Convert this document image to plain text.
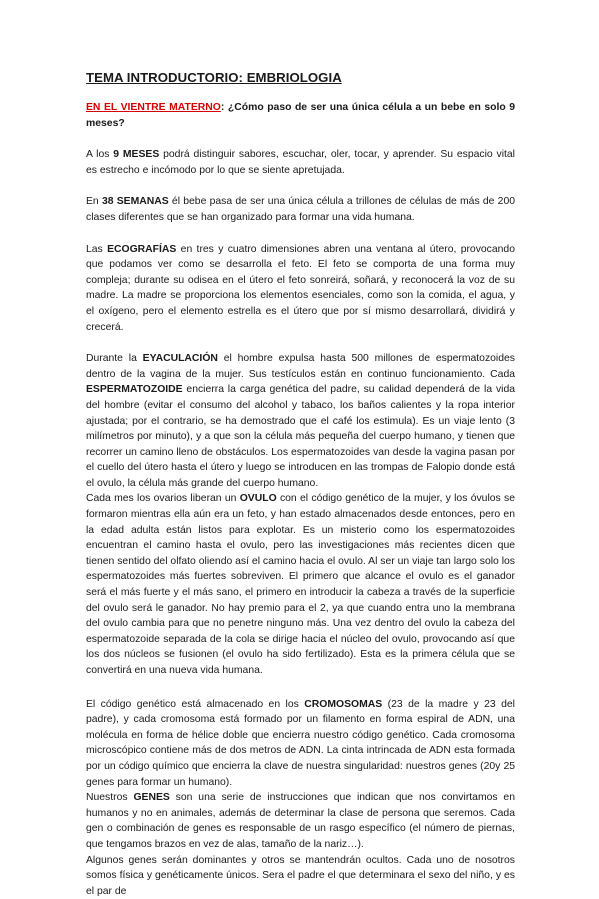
TEMA INTRODUCTORIO: EMBRIOLOGIA

EN EL VIENTRE MATERNO: ¿Cómo paso de ser una única célula a un bebe en solo 9 meses?

A los 9 MESES podrá distinguir sabores, escuchar, oler, tocar, y aprender. Su espacio vital es estrecho e incómodo por lo que se siente apretujada.

En 38 SEMANAS él bebe pasa de ser una única célula a trillones de células de más de 200 clases diferentes que se han organizado para formar una vida humana.

Las ECOGRAFÍAS en tres y cuatro dimensiones abren una ventana al útero, provocando que podamos ver como se desarrolla el feto. El feto se comporta de una forma muy compleja; durante su odisea en el útero el feto sonreirá, soñará, y reconocerá la voz de su madre. La madre se proporciona los elementos esenciales, como son la comida, el agua, y el oxígeno, pero el elemento estrella es el útero que por sí mismo desarrollará, dividirá y crecerá.

Durante la EYACULACIÓN el hombre expulsa hasta 500 millones de espermatozoides dentro de la vagina de la mujer. Sus testículos están en continuo funcionamiento. Cada ESPERMATOZOIDE encierra la carga genética del padre, su calidad dependerá de la vida del hombre (evitar el consumo del alcohol y tabaco, los baños calientes y la ropa interior ajustada; por el contrario, se ha demostrado que el café los estimula). Es un viaje lento (3 milímetros por minuto), y a que son la célula más pequeña del cuerpo humano, y tienen que recorrer un camino lleno de obstáculos. Los espermatozoides van desde la vagina pasan por el cuello del útero hasta el útero y luego se introducen en las trompas de Falopio donde está el ovulo, la célula más grande del cuerpo humano.

Cada mes los ovarios liberan un OVULO con el código genético de la mujer, y los óvulos se formaron mientras ella aún era un feto, y han estado almacenados desde entonces, pero en la edad adulta están listos para explotar. Es un misterio como los espermatozoides encuentran el camino hasta el ovulo, pero las investigaciones más recientes dicen que tienen sentido del olfato oliendo así el camino hacia el ovulo. Al ser un viaje tan largo solo los espermatozoides más fuertes sobreviven. El primero que alcance el ovulo es el ganador será el más fuerte y el más sano, el primero en introducir la cabeza a través de la superficie del ovulo será le ganador. No hay premio para el 2, ya que cuando entra uno la membrana del ovulo cambia para que no penetre ninguno más. Una vez dentro del ovulo la cabeza del espermatozoide separada de la cola se dirige hacia el núcleo del ovulo, provocando así que los dos núcleos se fusionen (el ovulo ha sido fertilizado). Esta es la primera célula que se convertirá en una nueva vida humana.

El código genético está almacenado en los CROMOSOMAS (23 de la madre y 23 del padre), y cada cromosoma está formado por un filamento en forma espiral de ADN, una molécula en forma de hélice doble que encierra nuestro código genético. Cada cromosoma microscópico contiene más de dos metros de ADN. La cinta intrincada de ADN esta formada por un código químico que encierra la clave de nuestra singularidad: nuestros genes (20y 25 genes para formar un humano).

Nuestros GENES son una serie de instrucciones que indican que nos convirtamos en humanos y no en animales, además de determinar la clase de persona que seremos. Cada gen o combinación de genes es responsable de un rasgo específico (el número de piernas, que tengamos brazos en vez de alas, tamaño de la nariz…).

Algunos genes serán dominantes y otros se mantendrán ocultos. Cada uno de nosotros somos física y genéticamente únicos. Sera el padre el que determinara el sexo del niño, y es el par de
